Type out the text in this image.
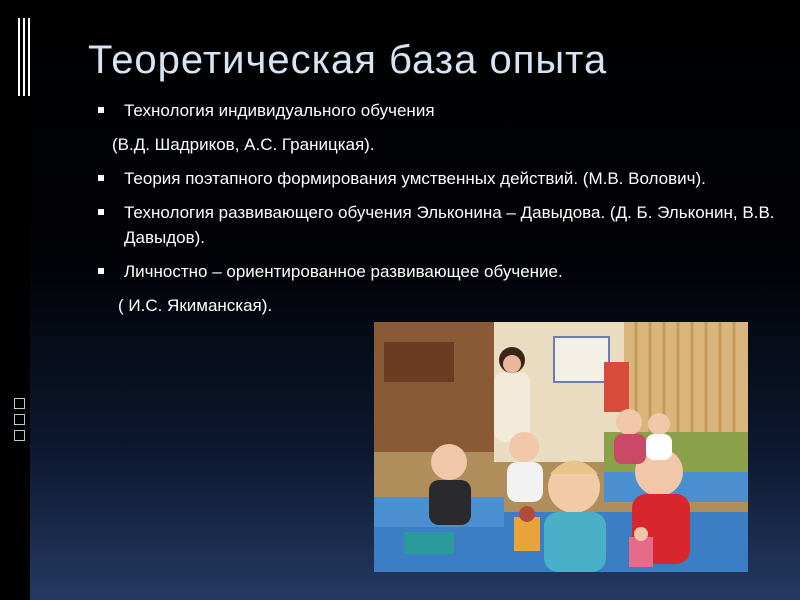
Теоретическая база опыта
Технология индивидуального обучения
(В.Д. Шадриков, А.С. Границкая).
Теория поэтапного формирования умственных действий. (М.В. Волович).
Технология развивающего обучения Эльконина – Давыдова. (Д. Б. Эльконин, В.В. Давыдов).
Личностно – ориентированное развивающее обучение.
( И.С. Якиманская).
